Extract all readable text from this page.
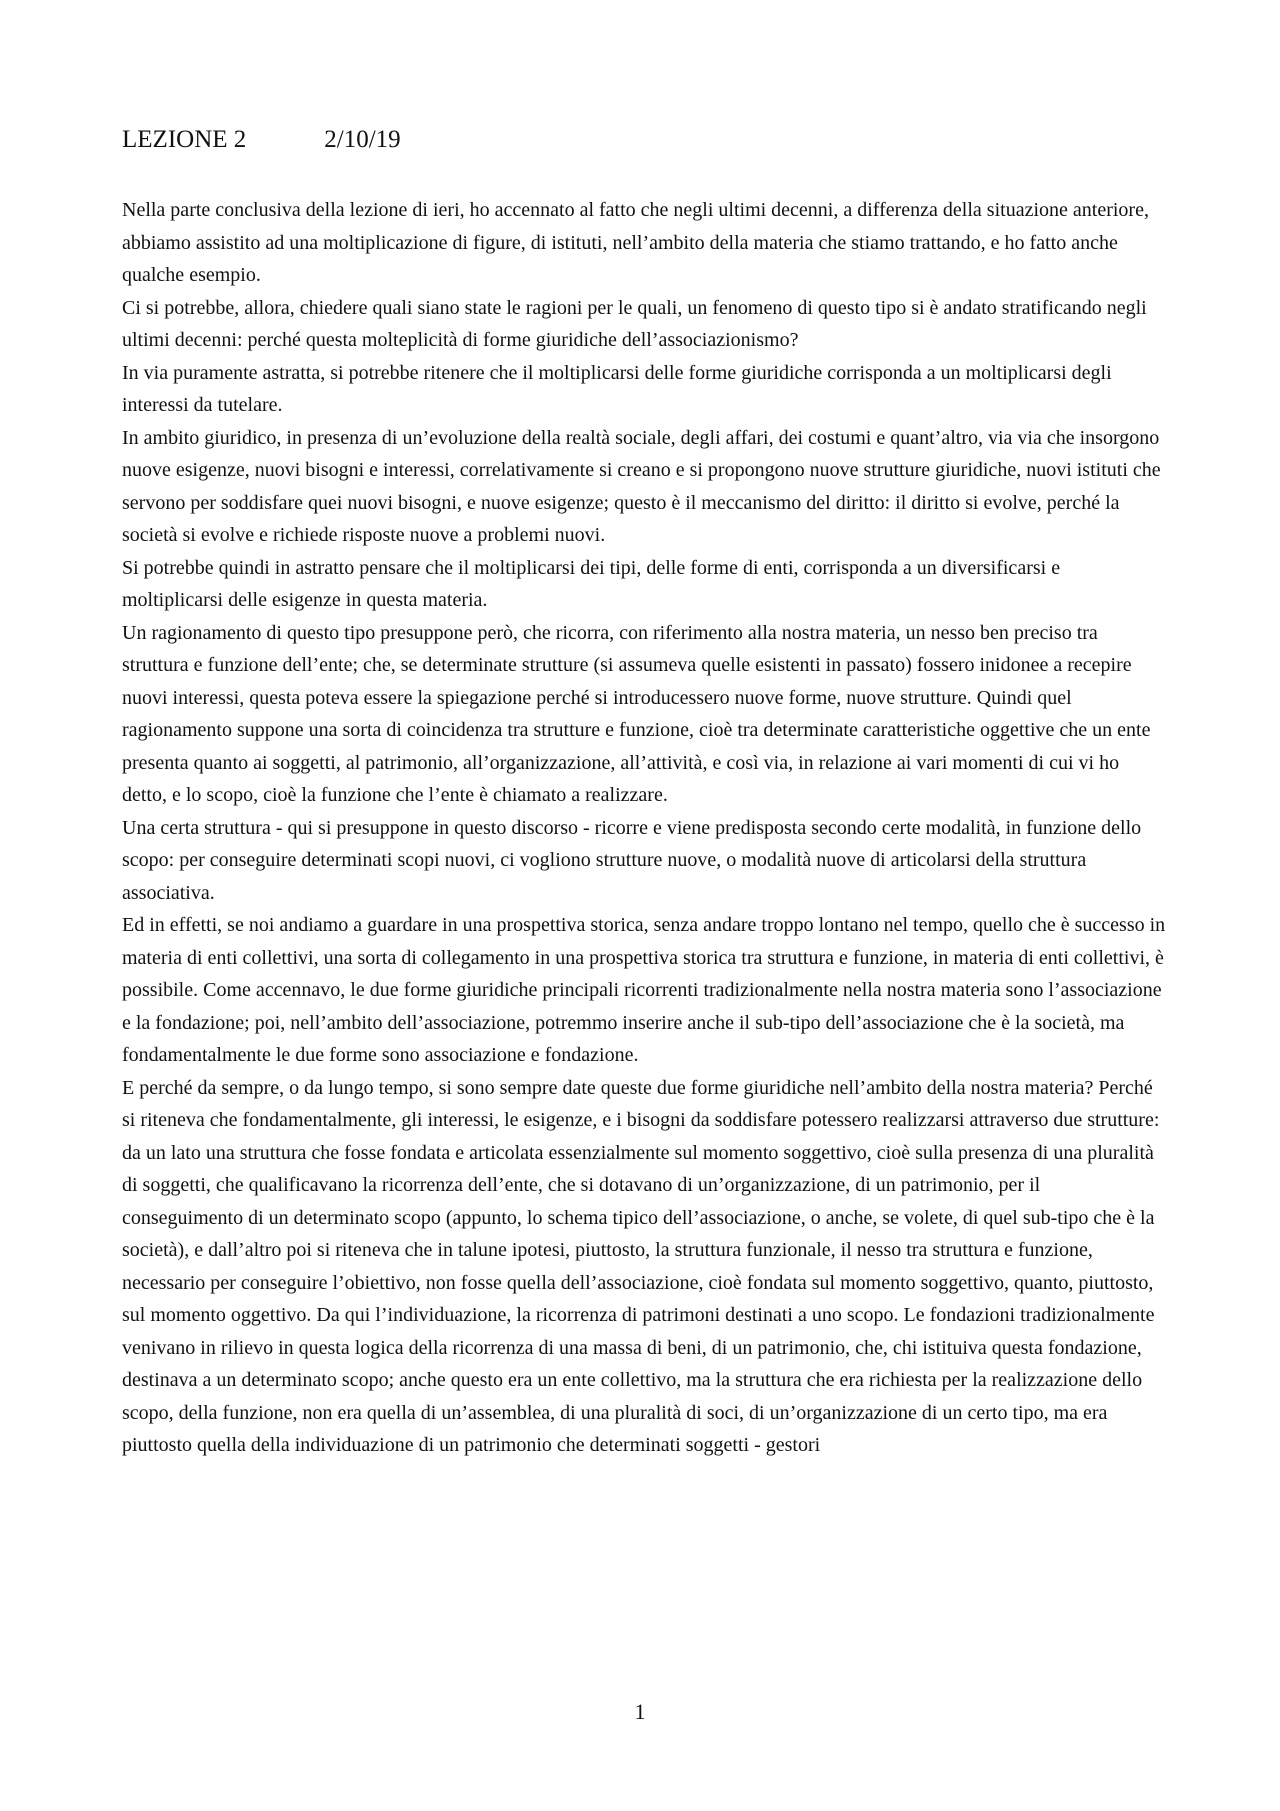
LEZIONE 2	2/10/19

Nella parte conclusiva della lezione di ieri, ho accennato al fatto che negli ultimi decenni, a differenza della situazione anteriore, abbiamo assistito ad una moltiplicazione di figure, di istituti, nell’ambito della materia che stiamo trattando, e ho fatto anche qualche esempio.

Ci si potrebbe, allora, chiedere quali siano state le ragioni per le quali, un fenomeno di questo tipo si è andato stratificando negli ultimi decenni: perché questa molteplicità di forme giuridiche dell’associazionismo?

In via puramente astratta, si potrebbe ritenere che il moltiplicarsi delle forme giuridiche corrisponda a un moltiplicarsi degli interessi da tutelare.

In ambito giuridico, in presenza di un’evoluzione della realtà sociale, degli affari, dei costumi e quant’altro, via via che insorgono nuove esigenze, nuovi bisogni e interessi, correlativamente si creano e si propongono nuove strutture giuridiche, nuovi istituti che servono per soddisfare quei nuovi bisogni, e nuove esigenze; questo è il meccanismo del diritto: il diritto si evolve, perché la società si evolve e richiede risposte nuove a problemi nuovi.

Si potrebbe quindi in astratto pensare che il moltiplicarsi dei tipi, delle forme di enti, corrisponda a un diversificarsi e moltiplicarsi delle esigenze in questa materia.

Un ragionamento di questo tipo presuppone però, che ricorra, con riferimento alla nostra materia, un nesso ben preciso tra struttura e funzione dell’ente; che, se determinate strutture (si assumeva quelle esistenti in passato) fossero inidonee a recepire nuovi interessi, questa poteva essere la spiegazione perché si introducessero nuove forme, nuove strutture. Quindi quel ragionamento suppone una sorta di coincidenza tra strutture e funzione, cioè tra determinate caratteristiche oggettive che un ente presenta quanto ai soggetti, al patrimonio, all’organizzazione, all’attività, e così via, in relazione ai vari momenti di cui vi ho detto, e lo scopo, cioè la funzione che l’ente è chiamato a realizzare.

Una certa struttura - qui si presuppone in questo discorso - ricorre e viene predisposta secondo certe modalità, in funzione dello scopo: per conseguire determinati scopi nuovi, ci vogliono strutture nuove, o modalità nuove di articolarsi della struttura associativa.

Ed in effetti, se noi andiamo a guardare in una prospettiva storica, senza andare troppo lontano nel tempo, quello che è successo in materia di enti collettivi, una sorta di collegamento in una prospettiva storica tra struttura e funzione, in materia di enti collettivi, è possibile. Come accennavo, le due forme giuridiche principali ricorrenti tradizionalmente nella nostra materia sono l’associazione e la fondazione; poi, nell’ambito dell’associazione, potremmo inserire anche il sub-tipo dell’associazione che è la società, ma fondamentalmente le due forme sono associazione e fondazione.

E perché da sempre, o da lungo tempo, si sono sempre date queste due forme giuridiche nell’ambito della nostra materia? Perché si riteneva che fondamentalmente, gli interessi, le esigenze, e i bisogni da soddisfare potessero realizzarsi attraverso due strutture: da un lato una struttura che fosse fondata e articolata essenzialmente sul momento soggettivo, cioè sulla presenza di una pluralità di soggetti, che qualificavano la ricorrenza dell’ente, che si dotavano di un’organizzazione, di un patrimonio, per il conseguimento di un determinato scopo (appunto, lo schema tipico dell’associazione, o anche, se volete, di quel sub-tipo che è la società), e dall’altro poi si riteneva che in talune ipotesi, piuttosto, la struttura funzionale, il nesso tra struttura e funzione, necessario per conseguire l’obiettivo, non fosse quella dell’associazione, cioè fondata sul momento soggettivo, quanto, piuttosto, sul momento oggettivo. Da qui l’individuazione, la ricorrenza di patrimoni destinati a uno scopo. Le fondazioni tradizionalmente venivano in rilievo in questa logica della ricorrenza di una massa di beni, di un patrimonio, che, chi istituiva questa fondazione, destinava a un determinato scopo; anche questo era un ente collettivo, ma la struttura che era richiesta per la realizzazione dello scopo, della funzione, non era quella di un’assemblea, di una pluralità di soci, di un’organizzazione di un certo tipo, ma era piuttosto quella della individuazione di un patrimonio che determinati soggetti - gestori

1
